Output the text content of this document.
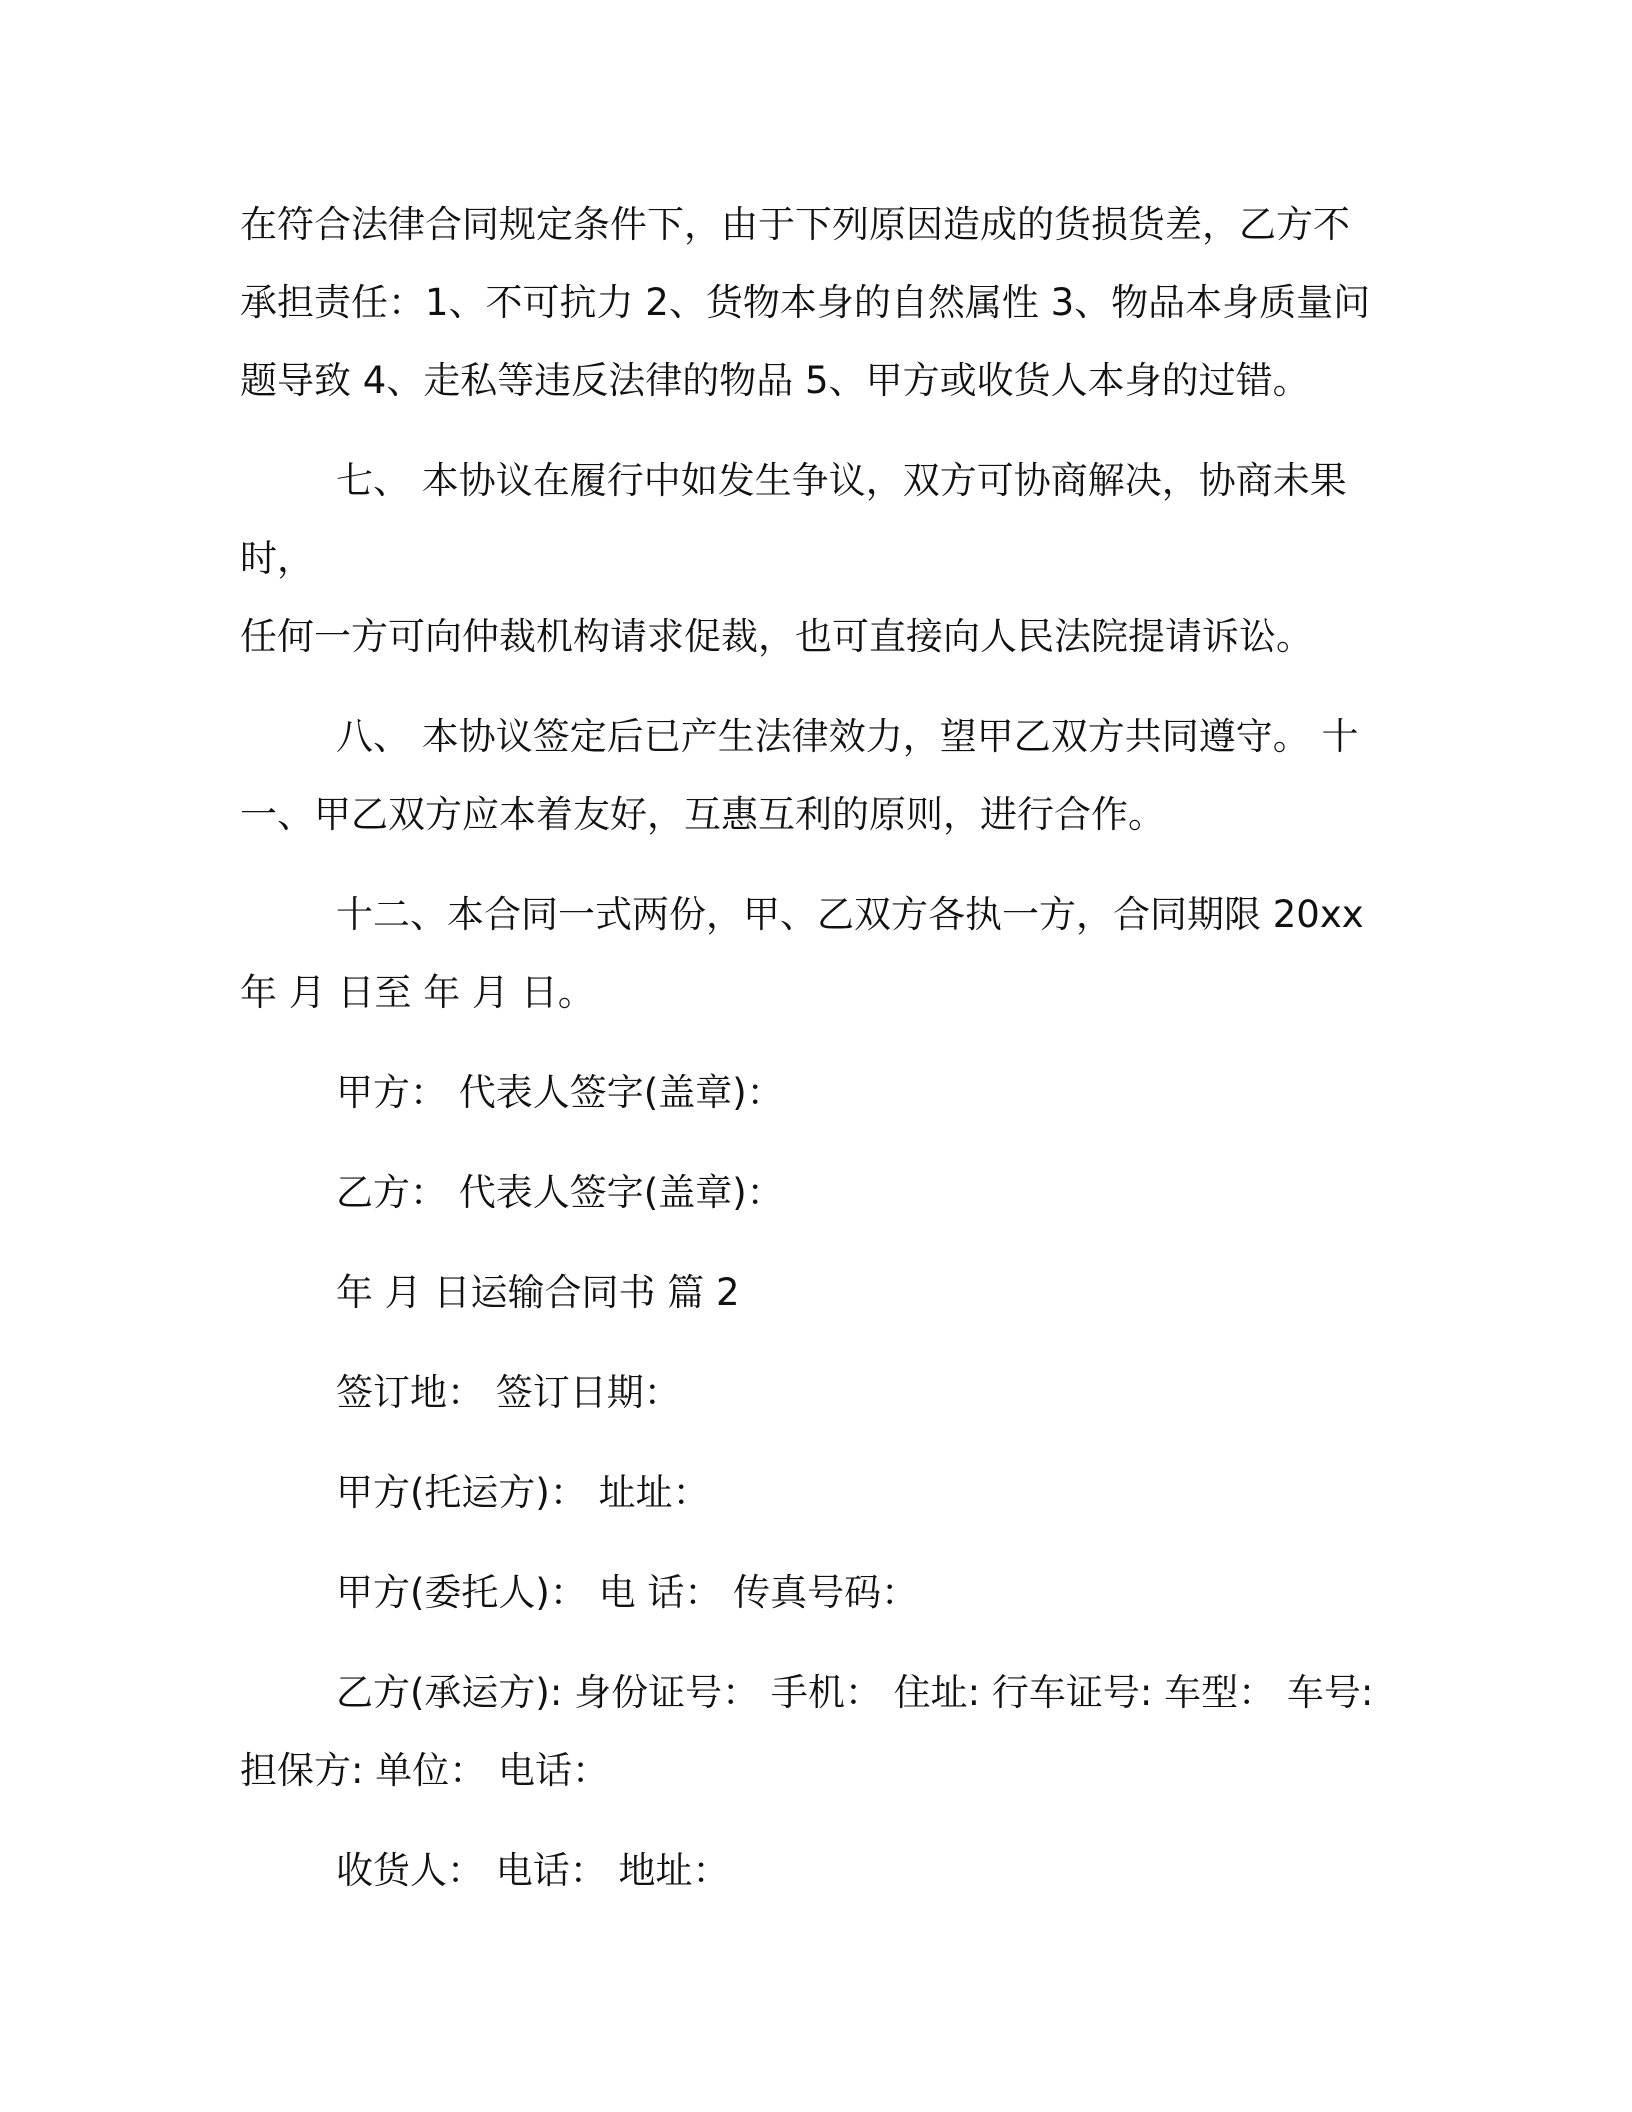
在符合法律合同规定条件下，由于下列原因造成的货损货差，乙方不
承担责任：1、不可抗力 2、货物本身的自然属性 3、物品本身质量问
题导致 4、走私等违反法律的物品 5、甲方或收货人本身的过错。

七、 本协议在履行中如发生争议，双方可协商解决，协商未果时，
任何一方可向仲裁机构请求促裁，也可直接向人民法院提请诉讼。

八、 本协议签定后已产生法律效力，望甲乙双方共同遵守。 十
一、甲乙双方应本着友好，互惠互利的原则，进行合作。

十二、本合同一式两份，甲、乙双方各执一方，合同期限 20xx
年 月 日至 年 月 日。

甲方： 代表人签字(盖章)：

乙方： 代表人签字(盖章)：

年 月 日运输合同书 篇 2

签订地： 签订日期：

甲方(托运方)： 址址：

甲方(委托人)： 电 话： 传真号码：

乙方(承运方): 身份证号： 手机： 住址: 行车证号: 车型： 车号:
担保方: 单位： 电话：

收货人： 电话： 地址：
